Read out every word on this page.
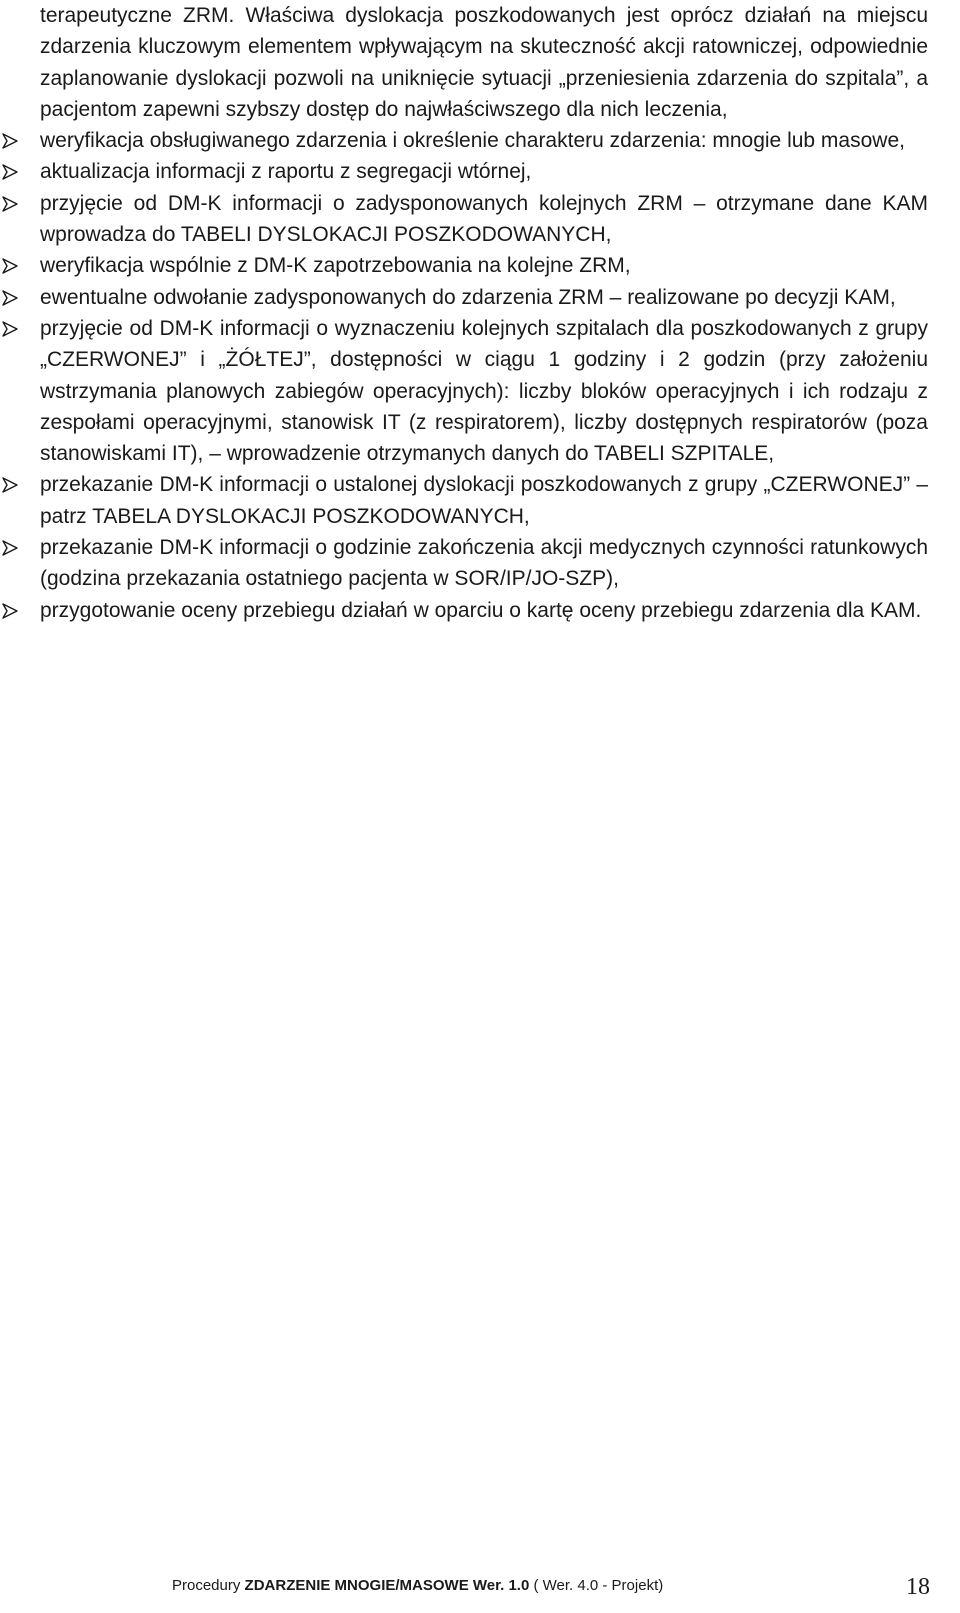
terapeutyczne ZRM. Właściwa dyslokacja poszkodowanych jest oprócz działań na miejscu zdarzenia kluczowym elementem wpływającym na skuteczność akcji ratowniczej, odpowiednie zaplanowanie dyslokacji pozwoli na uniknięcie sytuacji „przeniesienia zdarzenia do szpitala”, a pacjentom zapewni szybszy dostęp do najwłaściwszego dla nich leczenia,

weryfikacja obsługiwanego zdarzenia i określenie charakteru zdarzenia: mnogie lub masowe,
aktualizacja informacji z raportu z segregacji wtórnej,
przyjęcie od DM-K informacji o zadysponowanych kolejnych ZRM – otrzymane dane KAM wprowadza do TABELI DYSLOKACJI POSZKODOWANYCH,
weryfikacja wspólnie z DM-K zapotrzebowania na kolejne ZRM,
ewentualne odwołanie zadysponowanych do zdarzenia ZRM – realizowane po decyzji KAM,
przyjęcie od DM-K informacji o wyznaczeniu kolejnych szpitalach dla poszkodowanych z grupy „CZERWONEJ” i „ŻÓŁTEJ”, dostępności w ciągu 1 godziny i 2 godzin (przy założeniu wstrzymania planowych zabiegów operacyjnych): liczby bloków operacyjnych i ich rodzaju z zespołami operacyjnymi, stanowisk IT (z respiratorem), liczby dostępnych respiratorów (poza stanowiskami IT), – wprowadzenie otrzymanych danych do TABELI SZPITALE,
przekazanie DM-K informacji o ustalonej dyslokacji poszkodowanych z grupy „CZERWONEJ” – patrz TABELA DYSLOKACJI POSZKODOWANYCH,
przekazanie DM-K informacji o godzinie zakończenia akcji medycznych czynności ratunkowych (godzina przekazania ostatniego pacjenta w SOR/IP/JO-SZP),
przygotowanie oceny przebiegu działań w oparciu o kartę oceny przebiegu zdarzenia dla KAM.
Procedury ZDARZENIE MNOGIE/MASOWE Wer. 1.0 ( Wer. 4.0 - Projekt)	18
